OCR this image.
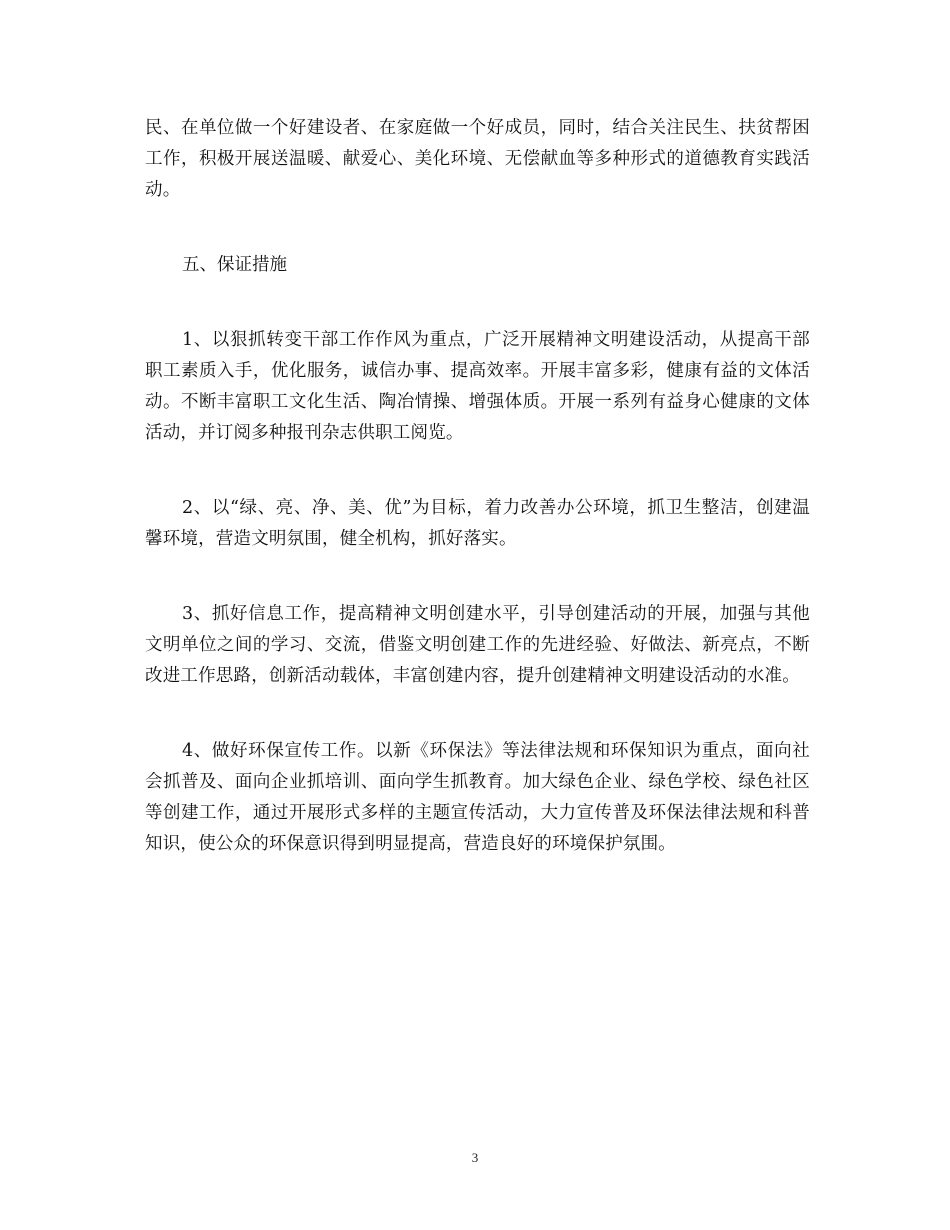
民、在单位做一个好建设者、在家庭做一个好成员，同时，结合关注民生、扶贫帮困工作，积极开展送温暖、献爱心、美化环境、无偿献血等多种形式的道德教育实践活动。

五、保证措施

1、以狠抓转变干部工作作风为重点，广泛开展精神文明建设活动，从提高干部职工素质入手，优化服务，诚信办事、提高效率。开展丰富多彩，健康有益的文体活动。不断丰富职工文化生活、陶冶情操、增强体质。开展一系列有益身心健康的文体活动，并订阅多种报刊杂志供职工阅览。

2、以“绿、亮、净、美、优”为目标，着力改善办公环境，抓卫生整洁，创建温馨环境，营造文明氛围，健全机构，抓好落实。

3、抓好信息工作，提高精神文明创建水平，引导创建活动的开展，加强与其他文明单位之间的学习、交流，借鉴文明创建工作的先进经验、好做法、新亮点，不断改进工作思路，创新活动载体，丰富创建内容，提升创建精神文明建设活动的水准。

4、做好环保宣传工作。以新《环保法》等法律法规和环保知识为重点，面向社会抓普及、面向企业抓培训、面向学生抓教育。加大绿色企业、绿色学校、绿色社区等创建工作，通过开展形式多样的主题宣传活动，大力宣传普及环保法律法规和科普知识，使公众的环保意识得到明显提高，营造良好的环境保护氛围。

3
